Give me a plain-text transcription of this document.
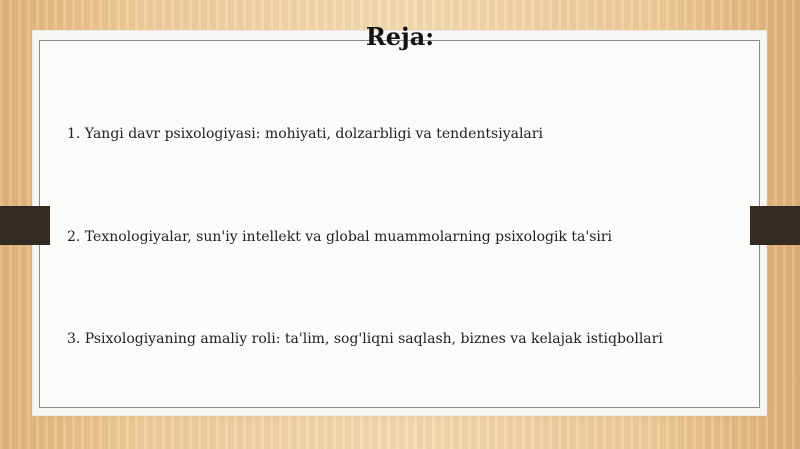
Reja:

1. Yangi davr psixologiyasi: mohiyati, dolzarbligi va tendentsiyalari

2. Texnologiyalar, sun'iy intellekt va global muammolarning psixologik ta'siri

3. Psixologiyaning amaliy roli: ta'lim, sog'liqni saqlash, biznes va kelajak istiqbollari
